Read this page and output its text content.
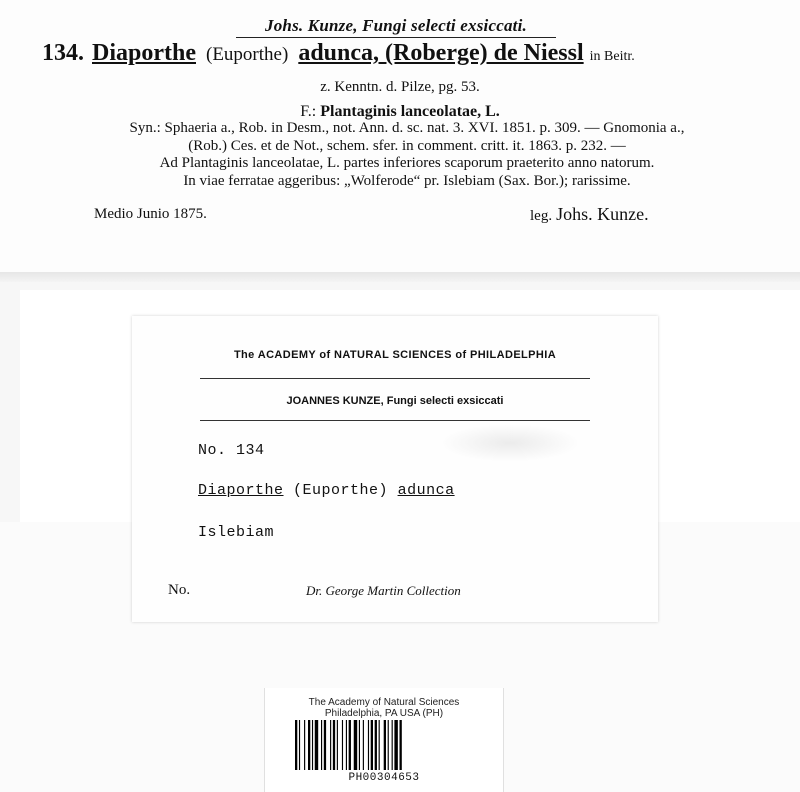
Johs. Kunze, Fungi selecti exsiccati.
134. Diaporthe (Euporthe) adunca, (Roberge) de Niessl in Beitr.
z. Kenntn. d. Pilze, pg. 53.
F.: Plantaginis lanceolatae, L.
Syn.: Sphaeria a., Rob. in Desm., not. Ann. d. sc. nat. 3. XVI. 1851. p. 309. — Gnomonia a.,
(Rob.) Ces. et de Not., schem. sfer. in comment. critt. it. 1863. p. 232. —
Ad Plantaginis lanceolatae, L. partes inferiores scaporum praeterito anno natorum.
In viae ferratae aggeribus: „Wolferode“ pr. Islebiam (Sax. Bor.); rarissime.
Medio Junio 1875.	leg. Johs. Kunze.
The ACADEMY of NATURAL SCIENCES of PHILADELPHIA
JOANNES KUNZE, Fungi selecti exsiccati
No. 134
Diaporthe (Euporthe) adunca
Islebiam
No.	Dr. George Martin Collection
The Academy of Natural Sciences
Philadelphia, PA USA (PH)
PH00304653
